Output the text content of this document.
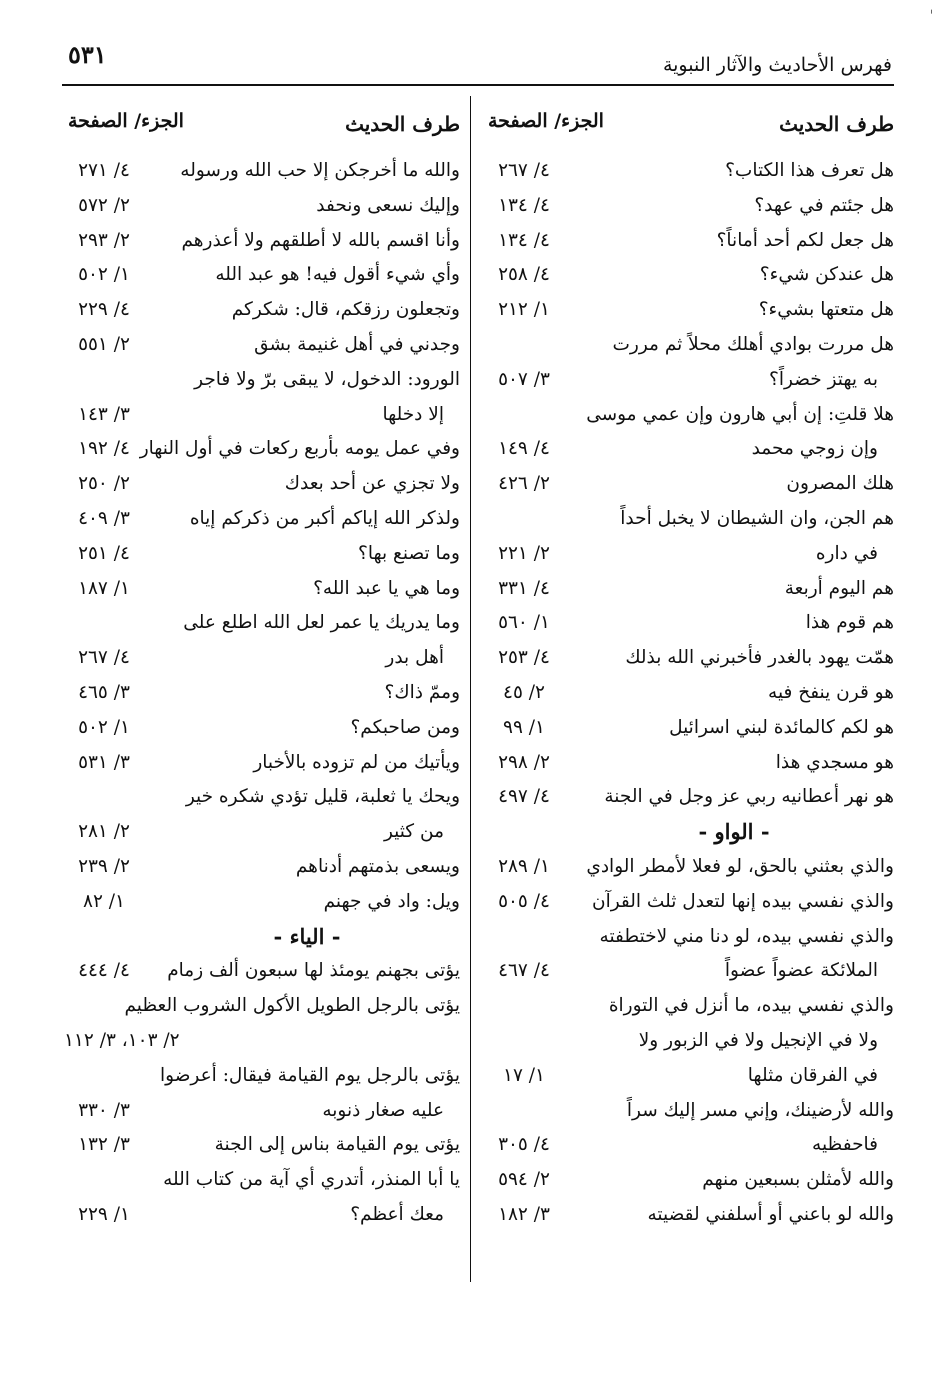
٥٣١	فهرس الأحاديث والآثار النبوية
طرف الحديث
الجزء/ الصفحة
هل تعرف هذا الكتاب؟
٤/ ٢٦٧
هل جئتم في عهد؟
٤/ ١٣٤
هل جعل لكم أحد أماناً؟
٤/ ١٣٤
هل عندكن شيء؟
٤/ ٢٥٨
هل متعتها بشيء؟
١/ ٢١٢
هل مررت بوادي أهلك محلاً ثم مررت
به يهتز خضراً؟
٣/ ٥٠٧
هلا قلتِ: إن أبي هارون وإن عمي موسى
وإن زوجي محمد
٤/ ١٤٩
هلك المصرون
٢/ ٤٢٦
هم الجن، وان الشيطان لا يخبل أحداً
في داره
٢/ ٢٢١
هم اليوم أربعة
٤/ ٣٣١
هم قوم هذا
١/ ٥٦٠
همّت يهود بالغدر فأخبرني الله بذلك
٤/ ٢٥٣
هو قرن ينفخ فيه
٢/ ٤٥
هو لكم كالمائدة لبني اسرائيل
١/ ٩٩
هو مسجدي هذا
٢/ ٢٩٨
هو نهر أعطانيه ربي عز وجل في الجنة
٤/ ٤٩٧
- الواو -
والذي بعثني بالحق، لو فعلا لأمطر الوادي
١/ ٢٨٩
والذي نفسي بيده إنها لتعدل ثلث القرآن
٤/ ٥٠٥
والذي نفسي بيده، لو دنا مني لاختطفته
الملائكة عضواً عضواً
٤/ ٤٦٧
والذي نفسي بيده، ما أنزل في التوراة
ولا في الإنجيل ولا في الزبور ولا
في الفرقان مثلها
١/ ١٧
والله لأرضينك، وإني مسر إليك سراً
فاحفظيه
٤/ ٣٠٥
والله لأمثلن بسبعين منهم
٢/ ٥٩٤
والله لو باعني أو أسلفني لقضيته
٣/ ١٨٢
طرف الحديث
الجزء/ الصفحة
والله ما أخرجكن إلا حب الله ورسوله
٤/ ٢٧١
وإليك نسعى ونحفد
٢/ ٥٧٢
وأنا اقسم بالله لا أطلقهم ولا أعذرهم
٢/ ٢٩٣
وأي شيء أقول فيه! هو عبد الله
١/ ٥٠٢
وتجعلون رزقكم، قال: شكركم
٤/ ٢٢٩
وجدني في أهل غنيمة بشق
٢/ ٥٥١
الورود: الدخول، لا يبقى برّ ولا فاجر
إلا دخلها
٣/ ١٤٣
وفي عمل يومه بأربع ركعات في أول النهار
٤/ ١٩٢
ولا تجزي عن أحد بعدك
٢/ ٢٥٠
ولذكر الله إياكم أكبر من ذكركم إياه
٣/ ٤٠٩
وما تصنع بها؟
٤/ ٢٥١
وما هي يا عبد الله؟
١/ ١٨٧
وما يدريك يا عمر لعل الله اطلع على
أهل بدر
٤/ ٢٦٧
وممّ ذاك؟
٣/ ٤٦٥
ومن صاحبكم؟
١/ ٥٠٢
ويأتيك من لم تزوده بالأخبار
٣/ ٥٣١
ويحك يا ثعلبة، قليل تؤدي شكره خير
من كثير
٢/ ٢٨١
ويسعى بذمتهم أدناهم
٢/ ٢٣٩
ويل: واد في جهنم
١/ ٨٢
- الياء -
يؤتى بجهنم يومئذ لها سبعون ألف زمام
٤/ ٤٤٤
يؤتى بالرجل الطويل الأكول الشروب العظيم
٢/ ١٠٣، ٣/ ١١٢
يؤتى بالرجل يوم القيامة فيقال: أعرضوا
عليه صغار ذنوبه
٣/ ٣٣٠
يؤتى يوم القيامة بناس إلى الجنة
٣/ ١٣٢
يا أبا المنذر، أتدري أي آية من كتاب الله
معك أعظم؟
١/ ٢٢٩
